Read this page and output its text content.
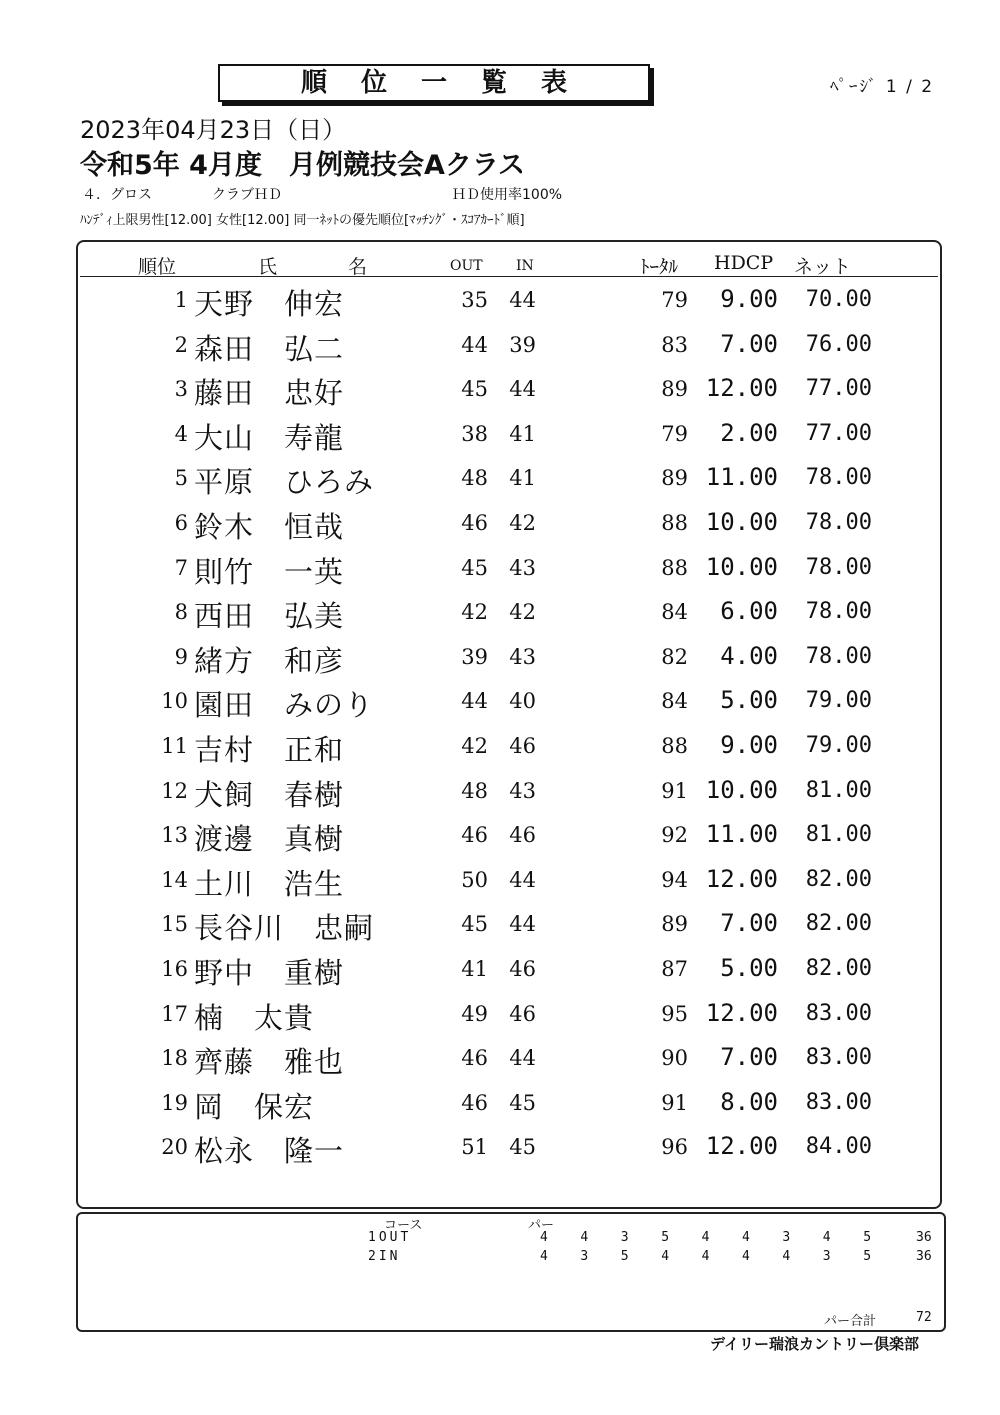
順位一覧表	ﾍﾟｰｼﾞ 1 / 2
2023年04月23日（日）
令和5年 4月度　月例競技会Aクラス
４．グロス	クラブＨＤ	ＨＤ使用率100%
ﾊﾝﾃﾞｨ上限男性[12.00] 女性[12.00] 同一ﾈｯﾄの優先順位[ﾏｯﾁﾝｸﾞ・ｽｺｱｶｰﾄﾞ順]
順位	氏	名	OUT IN	ﾄｰﾀﾙ HDCP ネット
1 天野　伸宏	35	44	79	9.00	70.00
2 森田　弘二	44	39	83	7.00	76.00
3 藤田　忠好	45	44	89 12.00	77.00
4 大山　寿龍	38	41	79	2.00	77.00
5 平原　ひろみ	48	41	89 11.00	78.00
6 鈴木　恒哉	46	42	88 10.00	78.00
7 則竹　一英	45	43	88 10.00	78.00
8 西田　弘美	42	42	84	6.00	78.00
9 緒方　和彦	39	43	82	4.00	78.00
10 園田　みのり	44	40	84	5.00	79.00
11 吉村　正和	42	46	88	9.00	79.00
12 犬飼　春樹	48	43	91 10.00	81.00
13 渡邊　真樹	46	46	92 11.00	81.00
14 土川　浩生	50	44	94 12.00	82.00
15 長谷川　忠嗣	45	44	89	7.00	82.00
16 野中　重樹	41	46	87	5.00	82.00
17 楠　太貴	49	46	95 12.00	83.00
18 齊藤　雅也	46	44	90	7.00	83.00
19 岡　保宏	46	45	91	8.00	83.00
20 松永　隆一	51	45	96 12.00	84.00
コース	パー
1OUT	4	4	3	5	4	4	3	4	5	36
2IN	4	3	5	4	4	4	4	3	5	36
パー合計	72
デイリー瑞浪カントリー倶楽部
